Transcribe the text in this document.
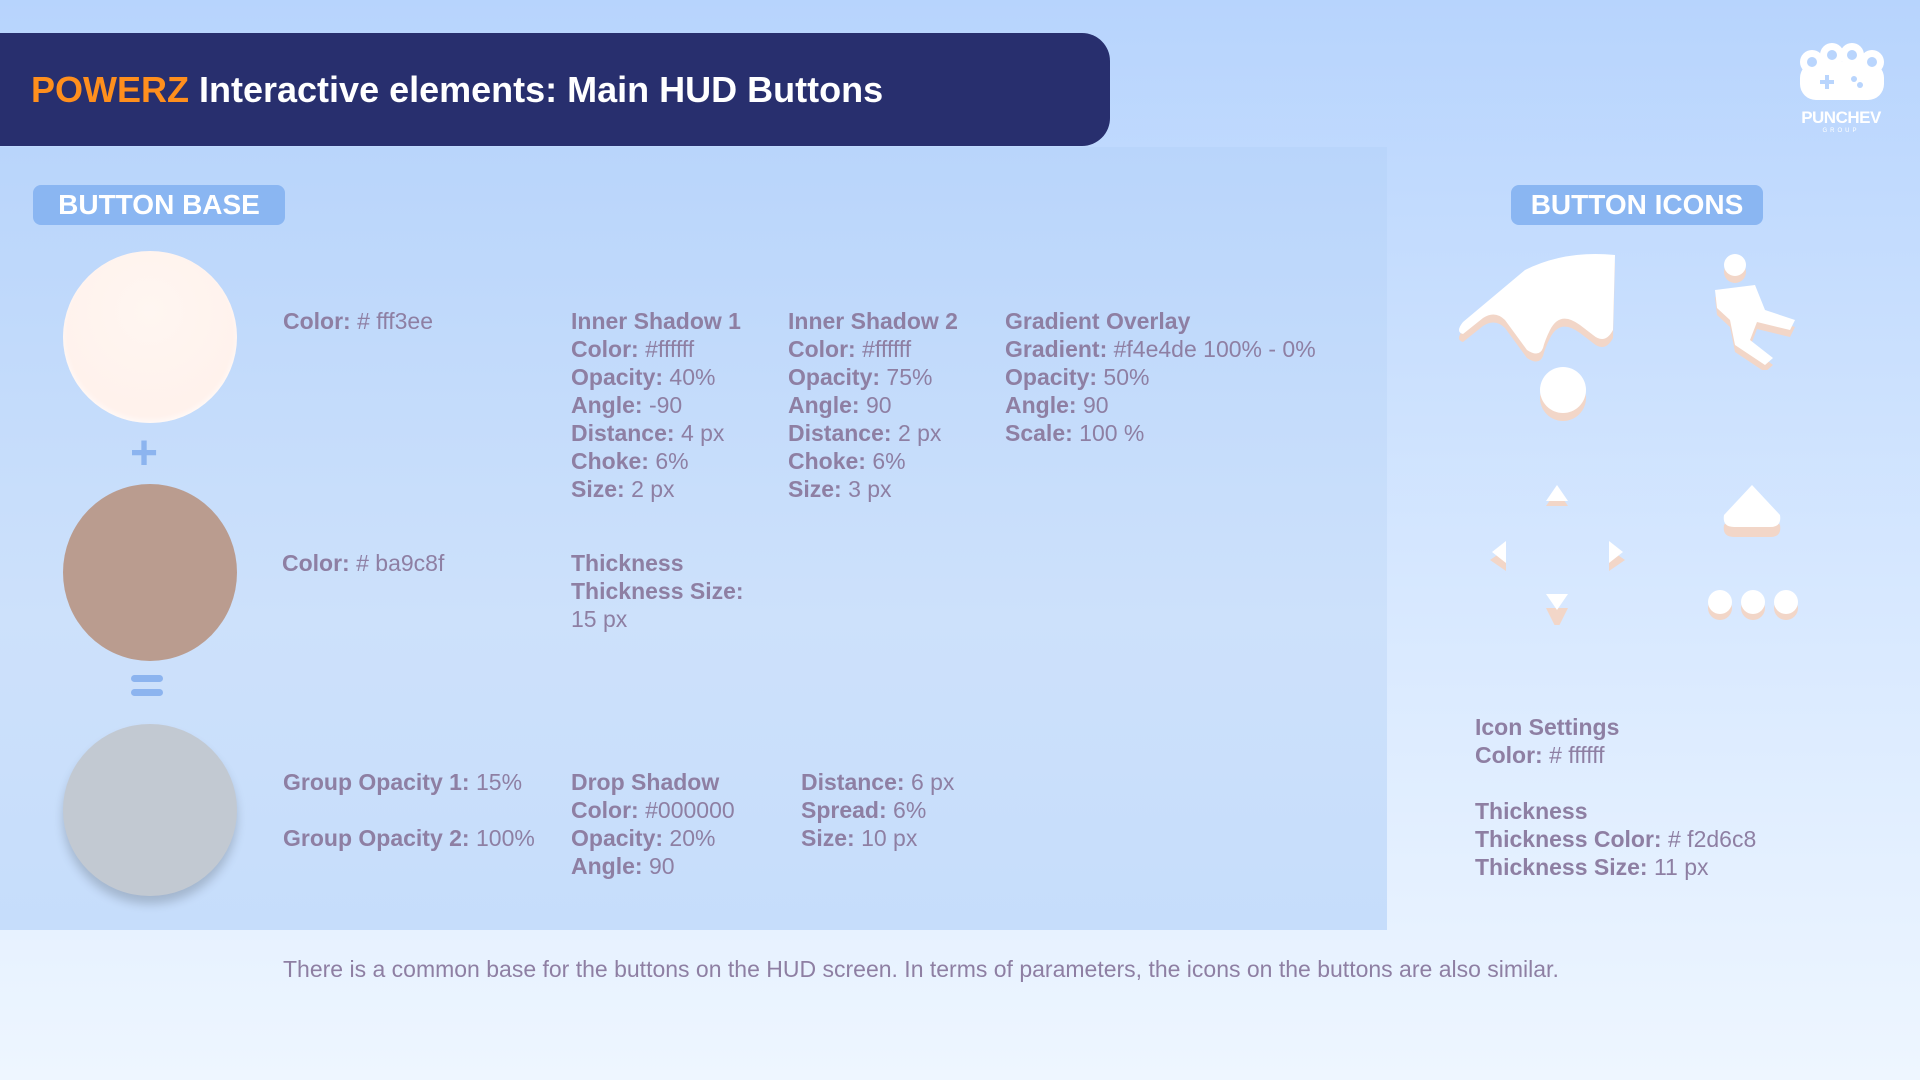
POWERZ Interactive elements: Main HUD Buttons
PUNCHEV
GROUP
BUTTON BASE	BUTTON ICONS
+
Color: # fff3ee	Inner Shadow 1
Color: #ffffff
Opacity: 40%
Angle: -90
Distance: 4 px
Choke: 6%
Size: 2 px
Inner Shadow 2
Color: #ffffff
Opacity: 75%
Angle: 90
Distance: 2 px
Choke: 6%
Size: 3 px
Gradient Overlay
Gradient: #f4e4de 100% - 0%
Opacity: 50%
Angle: 90
Scale: 100 %
Color: # ba9c8f	Thickness
Thickness Size:
15 px
Group Opacity 1: 15%

Group Opacity 2: 100%
Drop Shadow
Color: #000000
Opacity: 20%
Angle: 90
Distance: 6 px
Spread: 6%
Size: 10 px
Icon Settings
Color: # ffffff

Thickness
Thickness Color: # f2d6c8
Thickness Size: 11 px
There is a common base for the buttons on the HUD screen. In terms of parameters, the icons on the buttons are also similar.
